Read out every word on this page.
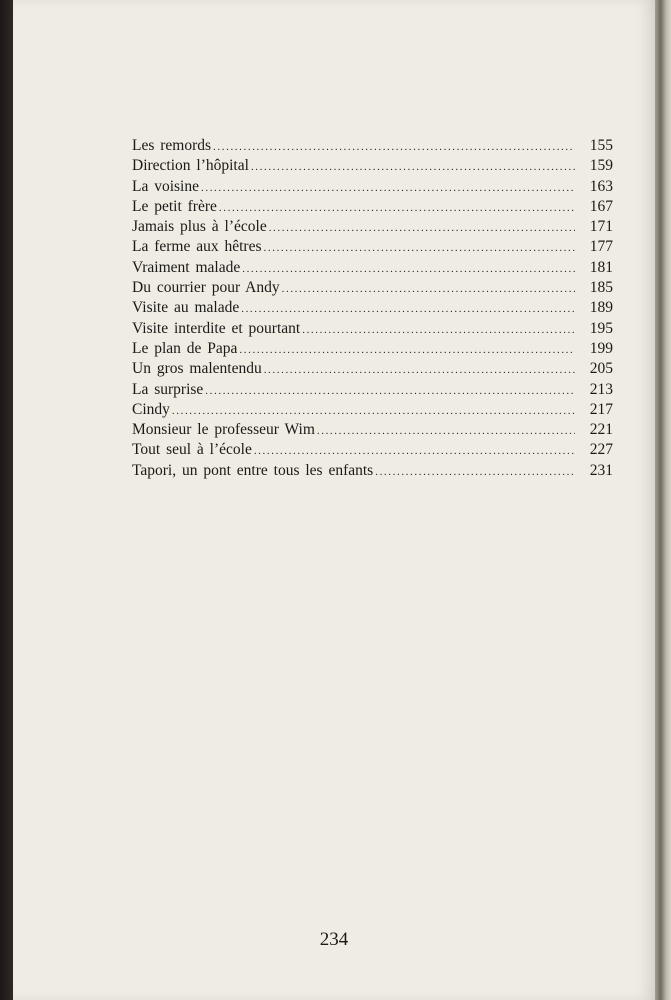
Les remords .....	155
Direction l’hôpital .....	159
La voisine .....	163
Le petit frère .....	167
Jamais plus à l’école .....	171
La ferme aux hêtres .....	177
Vraiment malade .....	181
Du courrier pour Andy .....	185
Visite au malade .....	189
Visite interdite et pourtant .....	195
Le plan de Papa .....	199
Un gros malentendu .....	205
La surprise .....	213
Cindy .....	217
Monsieur le professeur Wim .....	221
Tout seul à l’école .....	227
Tapori, un pont entre tous les enfants .....	231
234
